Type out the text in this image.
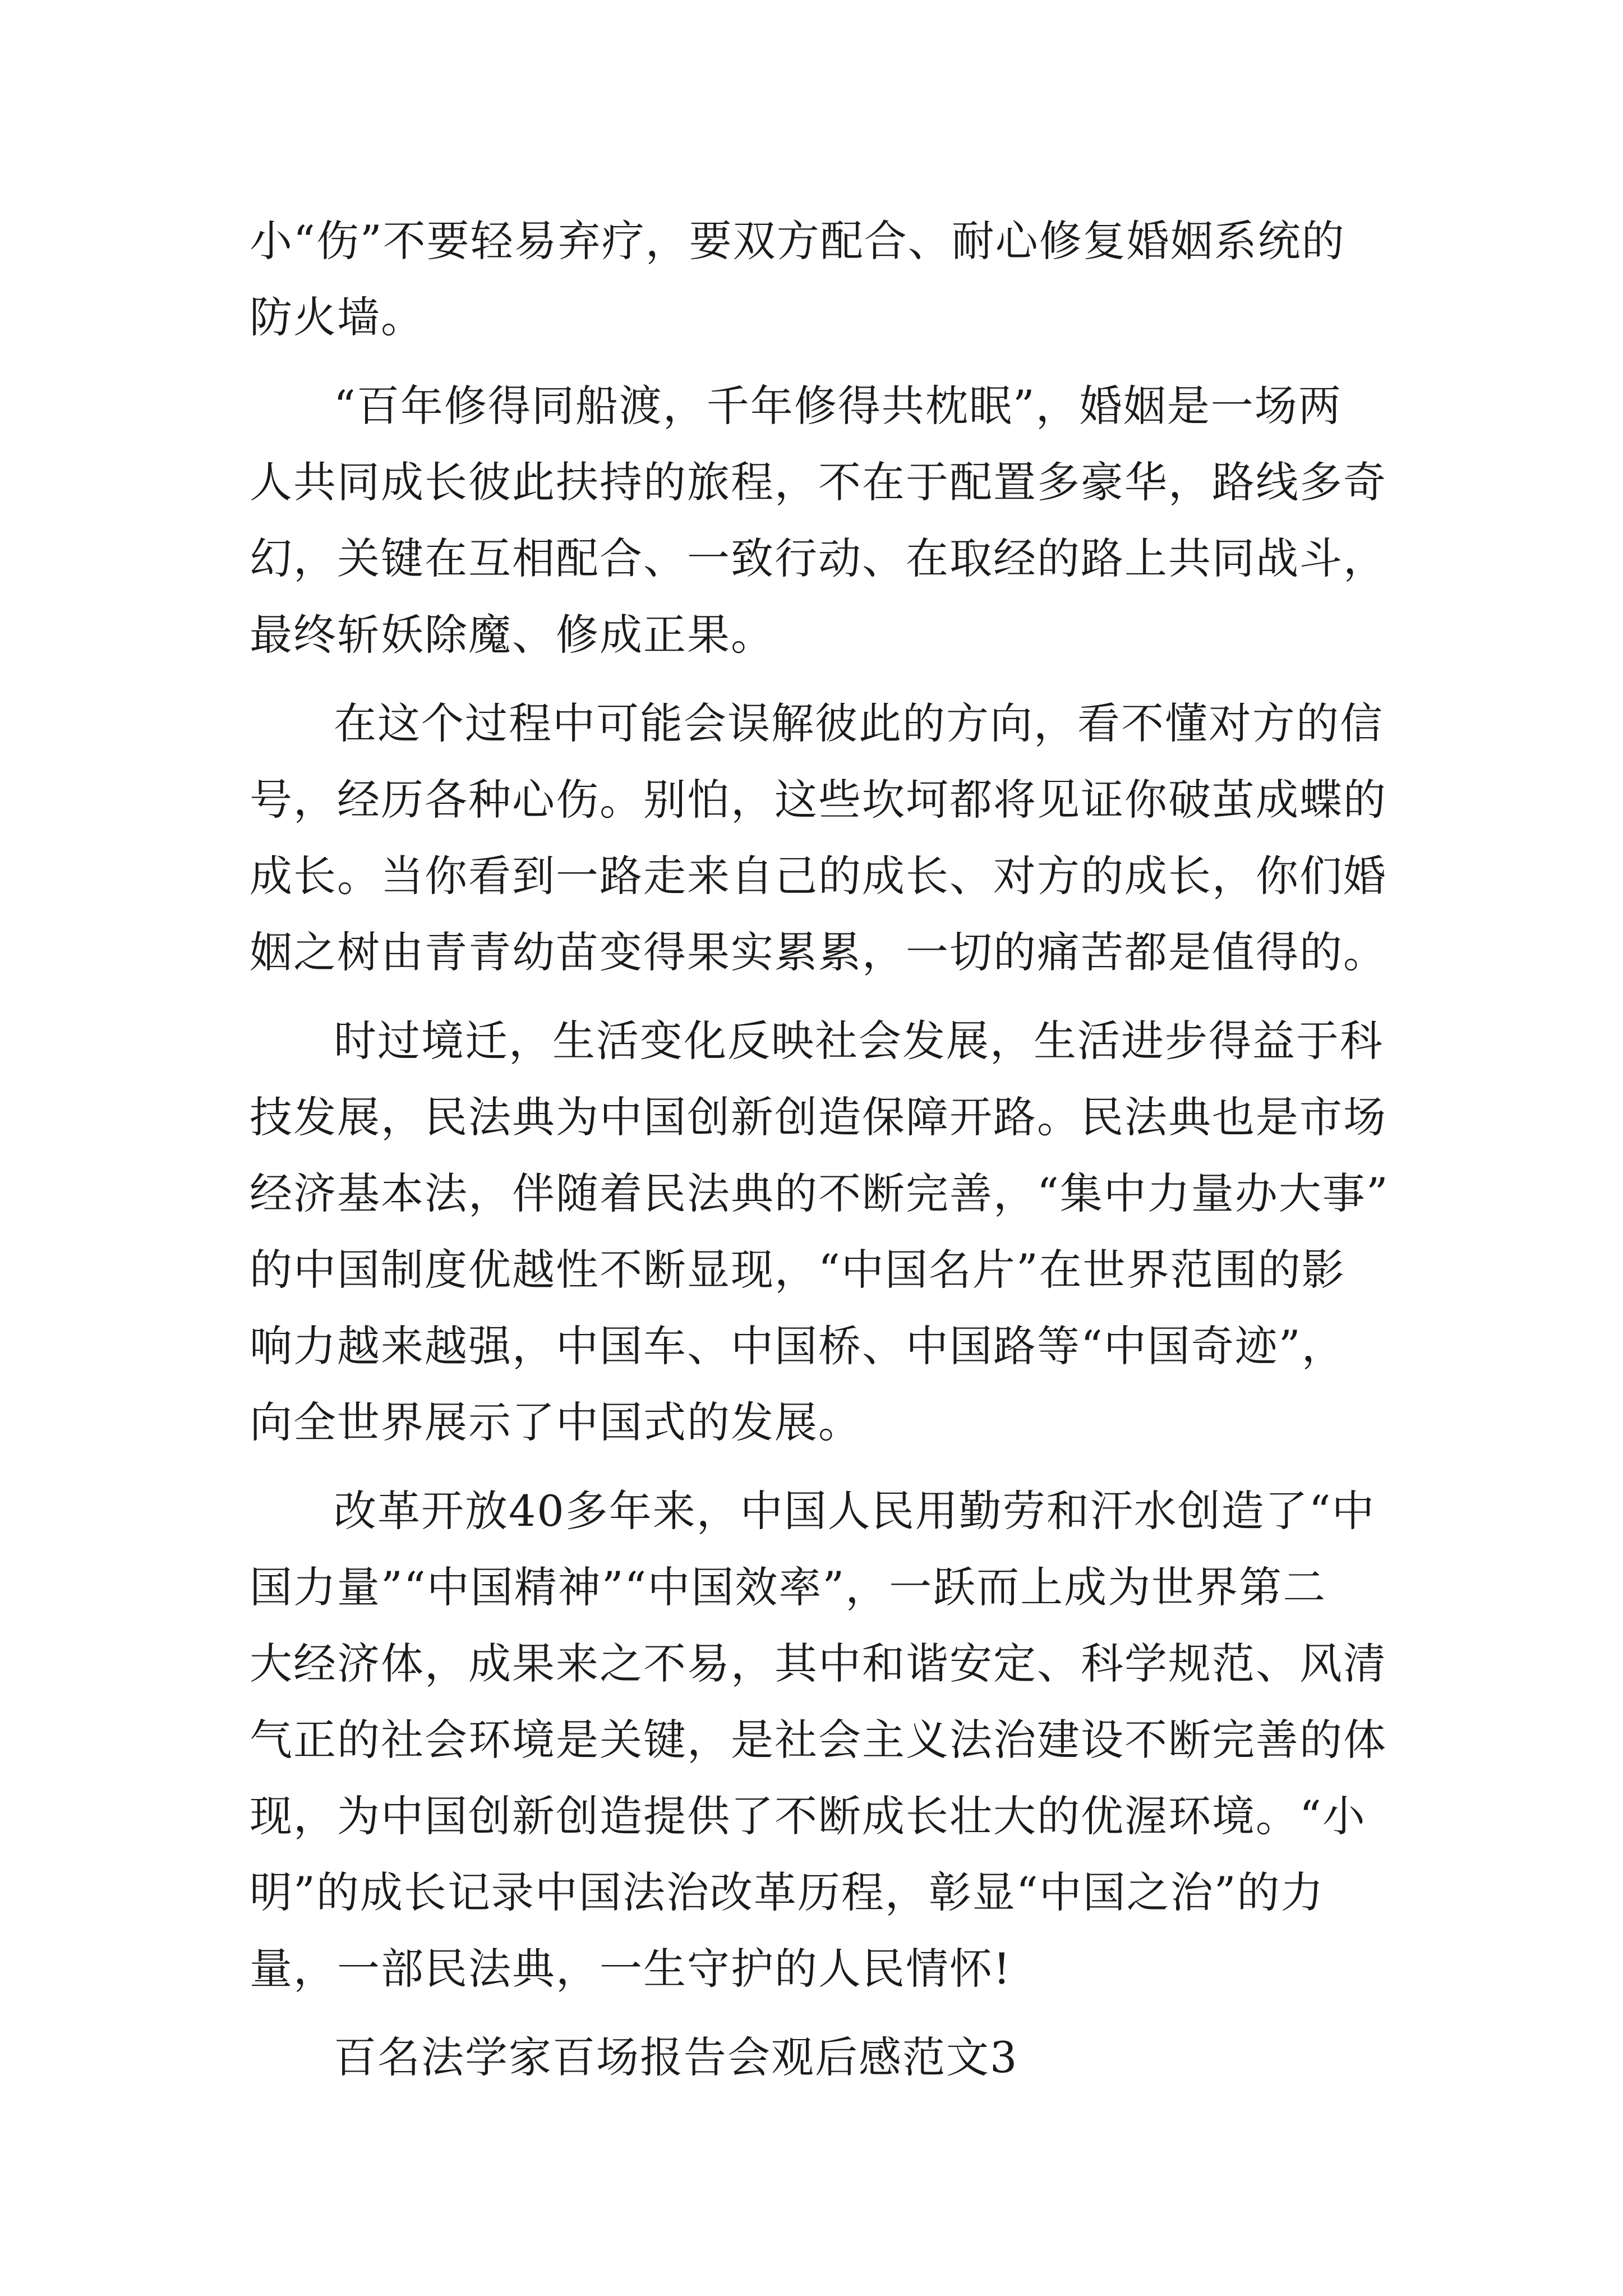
小“伤”不要轻易弃疗，要双方配合、耐心修复婚姻系统的
防火墙。
“百年修得同船渡，千年修得共枕眠”，婚姻是一场两
人共同成长彼此扶持的旅程，不在于配置多豪华，路线多奇
幻，关键在互相配合、一致行动、在取经的路上共同战斗，
最终斩妖除魔、修成正果。
在这个过程中可能会误解彼此的方向，看不懂对方的信
号，经历各种心伤。别怕，这些坎坷都将见证你破茧成蝶的
成长。当你看到一路走来自己的成长、对方的成长，你们婚
姻之树由青青幼苗变得果实累累，一切的痛苦都是值得的。
时过境迁，生活变化反映社会发展，生活进步得益于科
技发展，民法典为中国创新创造保障开路。民法典也是市场
经济基本法，伴随着民法典的不断完善，“集中力量办大事”
的中国制度优越性不断显现，“中国名片”在世界范围的影
响力越来越强，中国车、中国桥、中国路等“中国奇迹”，
向全世界展示了中国式的发展。
改革开放40多年来，中国人民用勤劳和汗水创造了“中
国力量”“中国精神”“中国效率”，一跃而上成为世界第二
大经济体，成果来之不易，其中和谐安定、科学规范、风清
气正的社会环境是关键，是社会主义法治建设不断完善的体
现，为中国创新创造提供了不断成长壮大的优渥环境。“小
明”的成长记录中国法治改革历程，彰显“中国之治”的力
量，一部民法典，一生守护的人民情怀!
百名法学家百场报告会观后感范文3
